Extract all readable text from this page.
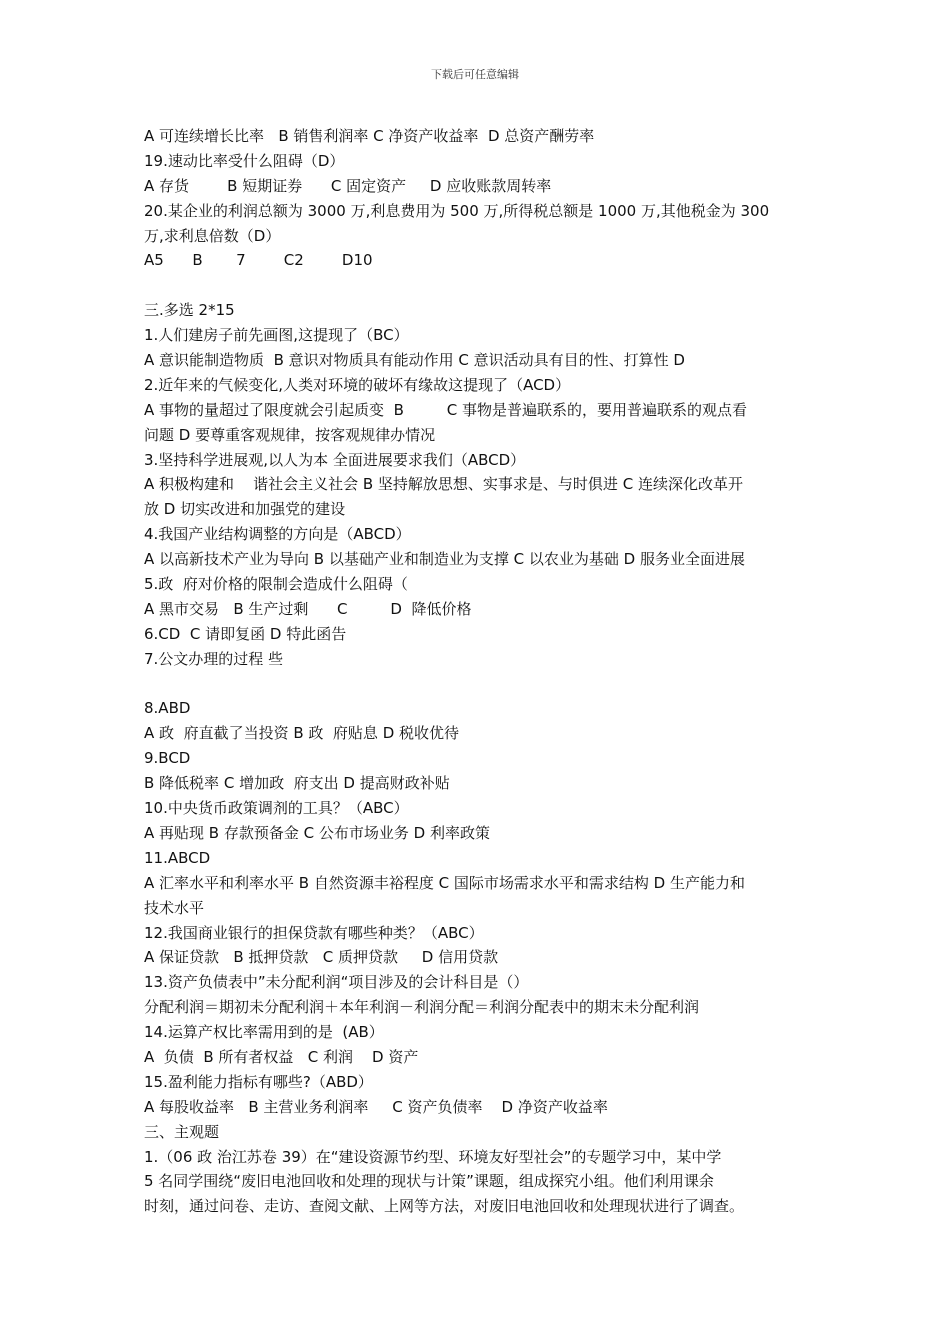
下载后可任意编辑
A 可连续增长比率   B 销售利润率 C 净资产收益率  D 总资产酬劳率
19.速动比率受什么阻碍（D）
A 存货        B 短期证券      C 固定资产     D 应收账款周转率
20.某企业的利润总额为 3000 万,利息费用为 500 万,所得税总额是 1000 万,其他税金为 300
万,求利息倍数（D）
A5      B       7        C2        D10
三.多选 2*15
1.人们建房子前先画图,这提现了（BC）
A 意识能制造物质  B 意识对物质具有能动作用 C 意识活动具有目的性、打算性 D
2.近年来的气候变化,人类对环境的破坏有缘故这提现了（ACD）
A 事物的量超过了限度就会引起质变  B         C 事物是普遍联系的，要用普遍联系的观点看
问题 D 要尊重客观规律，按客观规律办情况
3.坚持科学进展观,以人为本 全面进展要求我们（ABCD）
A 积极构建和    谐社会主义社会 B 坚持解放思想、实事求是、与时俱进 C 连续深化改革开
放 D 切实改进和加强党的建设
4.我国产业结构调整的方向是（ABCD）
A 以高新技术产业为导向 B 以基础产业和制造业为支撑 C 以农业为基础 D 服务业全面进展
5.政  府对价格的限制会造成什么阻碍（
A 黑市交易   B 生产过剩      C         D  降低价格
6.CD  C 请即复函 D 特此函告
7.公文办理的过程 些
8.ABD
A 政  府直截了当投资 B 政  府贴息 D 税收优待
9.BCD
B 降低税率 C 增加政  府支出 D 提高财政补贴
10.中央货币政策调剂的工具？（ABC）
A 再贴现 B 存款预备金 C 公布市场业务 D 利率政策
11.ABCD
A 汇率水平和利率水平 B 自然资源丰裕程度 C 国际市场需求水平和需求结构 D 生产能力和
技术水平
12.我国商业银行的担保贷款有哪些种类？（ABC）
A 保证贷款   B 抵押贷款   C 质押贷款     D 信用贷款
13.资产负债表中”未分配利润“项目涉及的会计科目是（）
分配利润＝期初未分配利润＋本年利润－利润分配＝利润分配表中的期末未分配利润
14.运算产权比率需用到的是  (AB）
A  负债  B 所有者权益   C 利润    D 资产
15.盈利能力指标有哪些?（ABD）
A 每股收益率   B 主营业务利润率     C 资产负债率    D 净资产收益率
三、主观题
1.（06 政 治江苏卷 39）在“建设资源节约型、环境友好型社会”的专题学习中，某中学
5 名同学围绕“废旧电池回收和处理的现状与计策”课题，组成探究小组。他们利用课余
时刻，通过问卷、走访、查阅文献、上网等方法，对废旧电池回收和处理现状进行了调查。
